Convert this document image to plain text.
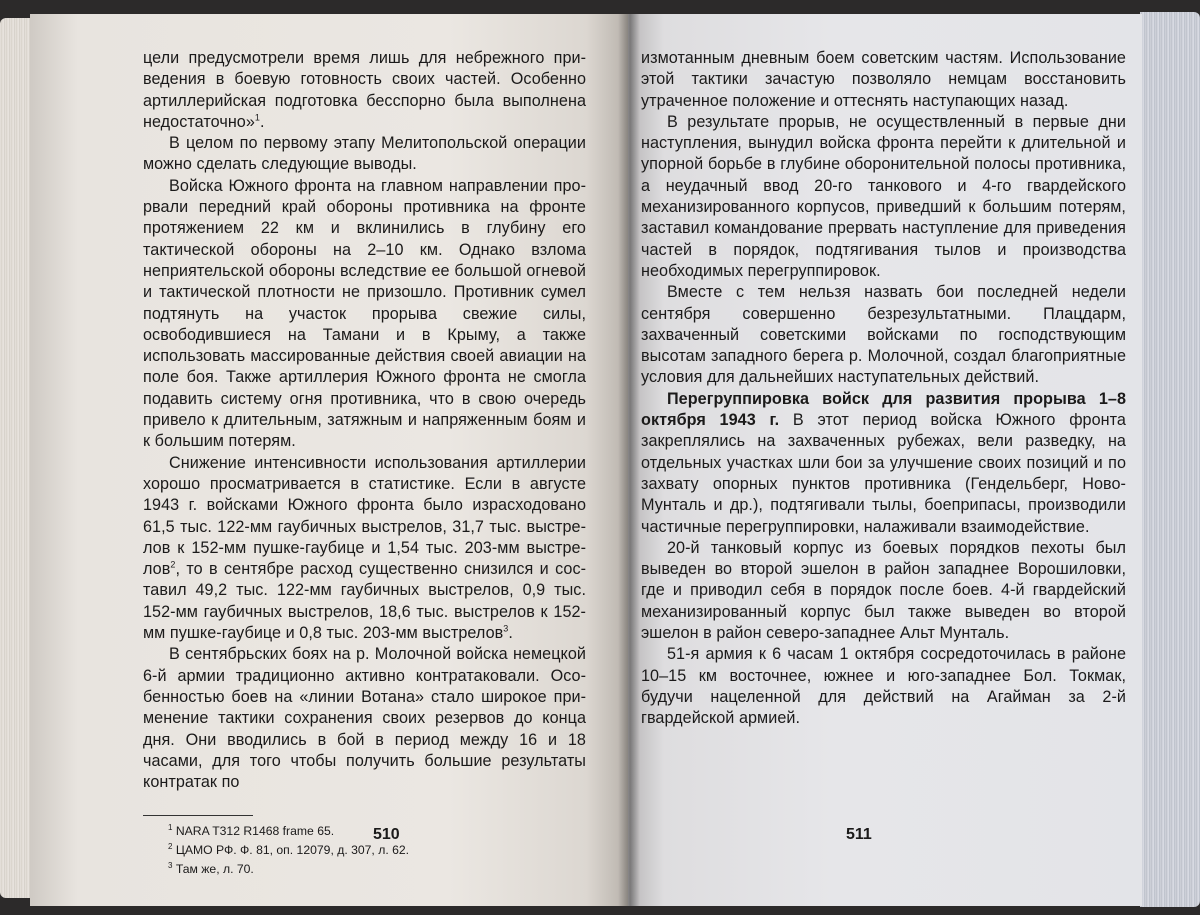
цели предусмотрели время лишь для небрежного приведения в боевую готовность своих частей. Особенно артиллерийская подготовка бесспорно была выполнена недостаточно»$^1$.

В целом по первому этапу Мелитопольской операции можно сделать следующие выводы.

Войска Южного фронта на главном направлении прорвали передний край обороны противника на фронте протяжением 22 км и вклинились в глубину его тактической обороны на 2–10 км. Однако взлома неприятельской обороны вследствие ее большой огневой и тактической плотности не призошло. Противник сумел подтянуть на участок прорыва свежие силы, освободившиеся на Тамани и в Крыму, а также использовать массированные действия своей авиации на поле боя. Также артиллерия Южного фронта не смогла подавить систему огня противника, что в свою очередь привело к длительным, затяжным и напряженным боям и к большим потерям.

Снижение интенсивности использования артиллерии хорошо просматривается в статистике. Если в августе 1943 г. войсками Южного фронта было израсходовано 61,5 тыс. 122-мм гаубичных выстрелов, 31,7 тыс. выстрелов к 152-мм пушке-гаубице и 1,54 тыс. 203-мм выстрелов$^2$, то в сентябре расход существенно снизился и составил 49,2 тыс. 122-мм гаубичных выстрелов, 0,9 тыс. 152-мм гаубичных выстрелов, 18,6 тыс. выстрелов к 152-мм пушке-гаубице и 0,8 тыс. 203-мм выстрелов$^3$.

В сентябрьских боях на р. Молочной войска немецкой 6-й армии традиционно активно контратаковали. Особенностью боев на «линии Вотана» стало широкое применение тактики сохранения своих резервов до конца дня. Они вводились в бой в период между 16 и 18 часами, для того чтобы получить большие результаты контратак по

$^1$ NARA T312 R1468 frame 65.
$^2$ ЦАМО РФ. Ф. 81, оп. 12079, д. 307, л. 62.
$^3$ Там же, л. 70.
510

измотанным дневным боем советским частям. Использование этой тактики зачастую позволяло немцам восстановить утраченное положение и оттеснять наступающих назад.

В результате прорыв, не осуществленный в первые дни наступления, вынудил войска фронта перейти к длительной и упорной борьбе в глубине оборонительной полосы противника, а неудачный ввод 20-го танкового и 4-го гвардейского механизированного корпусов, приведший к большим потерям, заставил командование прервать наступление для приведения частей в порядок, подтягивания тылов и производства необходимых перегруппировок.

Вместе с тем нельзя назвать бои последней недели сентября совершенно безрезультатными. Плацдарм, захваченный советскими войсками по господствующим высотам западного берега р. Молочной, создал благоприятные условия для дальнейших наступательных действий.

Перегруппировка войск для развития прорыва 1–8 октября 1943 г. В этот период войска Южного фронта закреплялись на захваченных рубежах, вели разведку, на отдельных участках шли бои за улучшение своих позиций и по захвату опорных пунктов противника (Гендельберг, Ново-Мунталь и др.), подтягивали тылы, боеприпасы, производили частичные перегруппировки, налаживали взаимодействие.

20-й танковый корпус из боевых порядков пехоты был выведен во второй эшелон в район западнее Ворошиловки, где и приводил себя в порядок после боев. 4-й гвардейский механизированный корпус был также выведен во второй эшелон в район северо-западнее Альт Мунталь.

51-я армия к 6 часам 1 октября сосредоточилась в районе 10–15 км восточнее, южнее и юго-западнее Бол. Токмак, будучи нацеленной для действий на Агайман за 2-й гвардейской армией.

511
